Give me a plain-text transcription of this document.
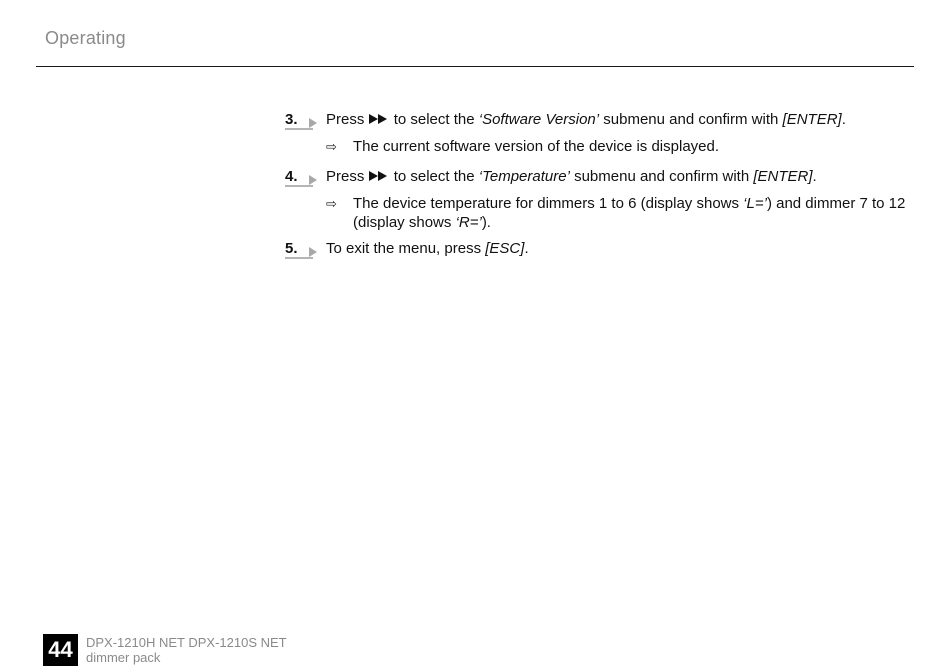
Operating
3. Press to select the ‘Software Version’ submenu and confirm with [ENTER].
⇨ The current software version of the device is displayed.
4. Press to select the ‘Temperature’ submenu and confirm with [ENTER].
⇨ The device temperature for dimmers 1 to 6 (display shows ‘L=’) and dimmer 7 to 12
(display shows ‘R=’).
5. To exit the menu, press [ESC].
44	DPX-1210H NET DPX-1210S NET
dimmer pack
